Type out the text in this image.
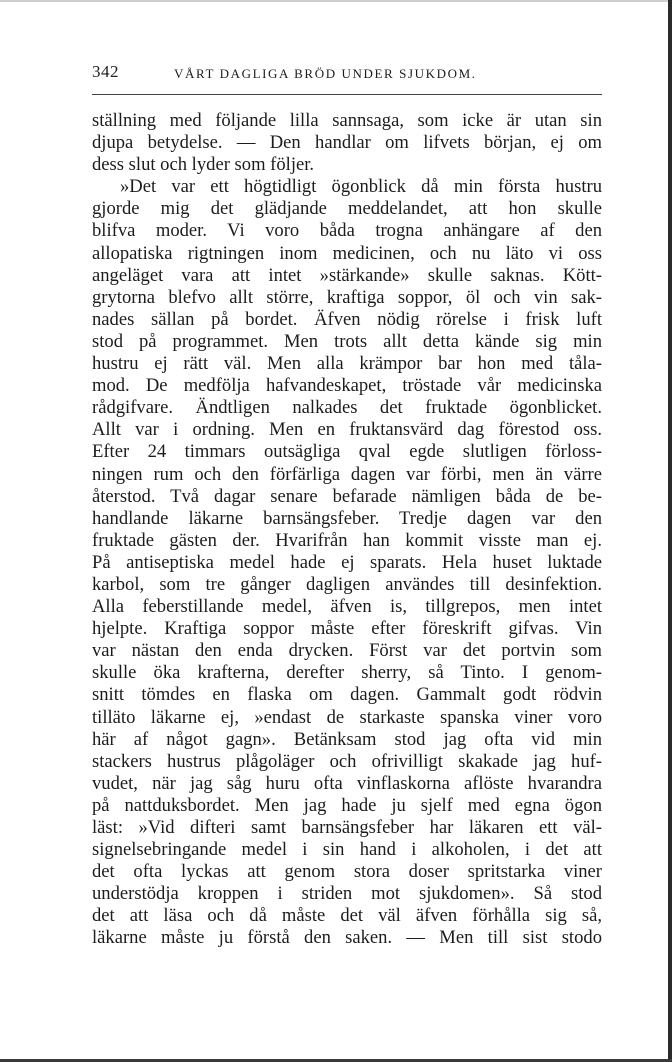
342	VÅRT DAGLIGA BRÖD UNDER SJUKDOM.
ställning med följande lilla sannsaga, som icke är utan sin
djupa betydelse. — Den handlar om lifvets början, ej om
dess slut och lyder som följer.
»Det var ett högtidligt ögonblick då min första hustru
gjorde mig det glädjande meddelandet, att hon skulle
blifva moder. Vi voro båda trogna anhängare af den
allopatiska rigtningen inom medicinen, och nu läto vi oss
angeläget vara att intet »stärkande» skulle saknas. Kött-
grytorna blefvo allt större, kraftiga soppor, öl och vin sak-
nades sällan på bordet. Äfven nödig rörelse i frisk luft
stod på programmet. Men trots allt detta kände sig min
hustru ej rätt väl. Men alla krämpor bar hon med tåla-
mod. De medfölja hafvandeskapet, tröstade vår medicinska
rådgifvare. Ändtligen nalkades det fruktade ögonblicket.
Allt var i ordning. Men en fruktansvärd dag förestod oss.
Efter 24 timmars outsägliga qval egde slutligen förloss-
ningen rum och den förfärliga dagen var förbi, men än värre
återstod. Två dagar senare befarade nämligen båda de be-
handlande läkarne barnsängsfeber. Tredje dagen var den
fruktade gästen der. Hvarifrån han kommit visste man ej.
På antiseptiska medel hade ej sparats. Hela huset luktade
karbol, som tre gånger dagligen användes till desinfektion.
Alla feberstillande medel, äfven is, tillgrepos, men intet
hjelpte. Kraftiga soppor måste efter föreskrift gifvas. Vin
var nästan den enda drycken. Först var det portvin som
skulle öka krafterna, derefter sherry, så Tinto. I genom-
snitt tömdes en flaska om dagen. Gammalt godt rödvin
tilläto läkarne ej, »endast de starkaste spanska viner voro
här af något gagn». Betänksam stod jag ofta vid min
stackers hustrus plågoläger och ofrivilligt skakade jag huf-
vudet, när jag såg huru ofta vinflaskorna aflöste hvarandra
på nattduksbordet. Men jag hade ju sjelf med egna ögon
läst: »Vid difteri samt barnsängsfeber har läkaren ett väl-
signelsebringande medel i sin hand i alkoholen, i det att
det ofta lyckas att genom stora doser spritstarka viner
understödja kroppen i striden mot sjukdomen». Så stod
det att läsa och då måste det väl äfven förhålla sig så,
läkarne måste ju förstå den saken. — Men till sist stodo
